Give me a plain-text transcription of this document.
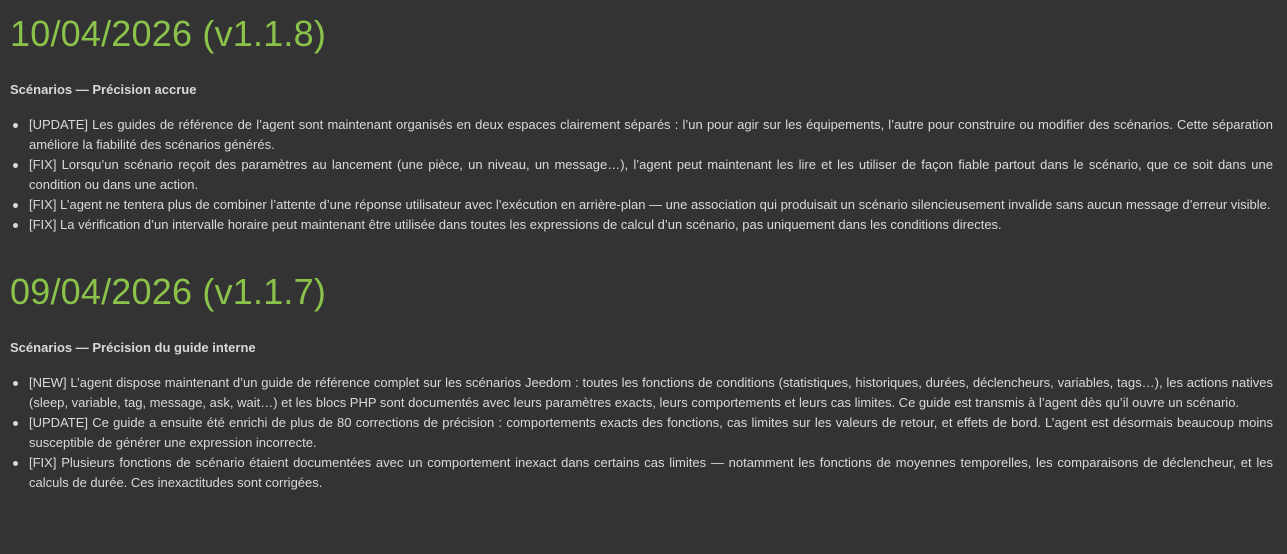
10/04/2026 (v1.1.8)
Scénarios — Précision accrue
[UPDATE] Les guides de référence de l’agent sont maintenant organisés en deux espaces clairement séparés : l’un pour agir sur les équipements, l’autre pour construire ou modifier des scénarios. Cette séparation améliore la fiabilité des scénarios générés.
[FIX] Lorsqu’un scénario reçoit des paramètres au lancement (une pièce, un niveau, un message…), l’agent peut maintenant les lire et les utiliser de façon fiable partout dans le scénario, que ce soit dans une condition ou dans une action.
[FIX] L’agent ne tentera plus de combiner l’attente d’une réponse utilisateur avec l’exécution en arrière-plan — une association qui produisait un scénario silencieusement invalide sans aucun message d’erreur visible.
[FIX] La vérification d’un intervalle horaire peut maintenant être utilisée dans toutes les expressions de calcul d’un scénario, pas uniquement dans les conditions directes.
09/04/2026 (v1.1.7)
Scénarios — Précision du guide interne
[NEW] L’agent dispose maintenant d’un guide de référence complet sur les scénarios Jeedom : toutes les fonctions de conditions (statistiques, historiques, durées, déclencheurs, variables, tags…), les actions natives (sleep, variable, tag, message, ask, wait…) et les blocs PHP sont documentés avec leurs paramètres exacts, leurs comportements et leurs cas limites. Ce guide est transmis à l’agent dès qu’il ouvre un scénario.
[UPDATE] Ce guide a ensuite été enrichi de plus de 80 corrections de précision : comportements exacts des fonctions, cas limites sur les valeurs de retour, et effets de bord. L’agent est désormais beaucoup moins susceptible de générer une expression incorrecte.
[FIX] Plusieurs fonctions de scénario étaient documentées avec un comportement inexact dans certains cas limites — notamment les fonctions de moyennes temporelles, les comparaisons de déclencheur, et les calculs de durée. Ces inexactitudes sont corrigées.
